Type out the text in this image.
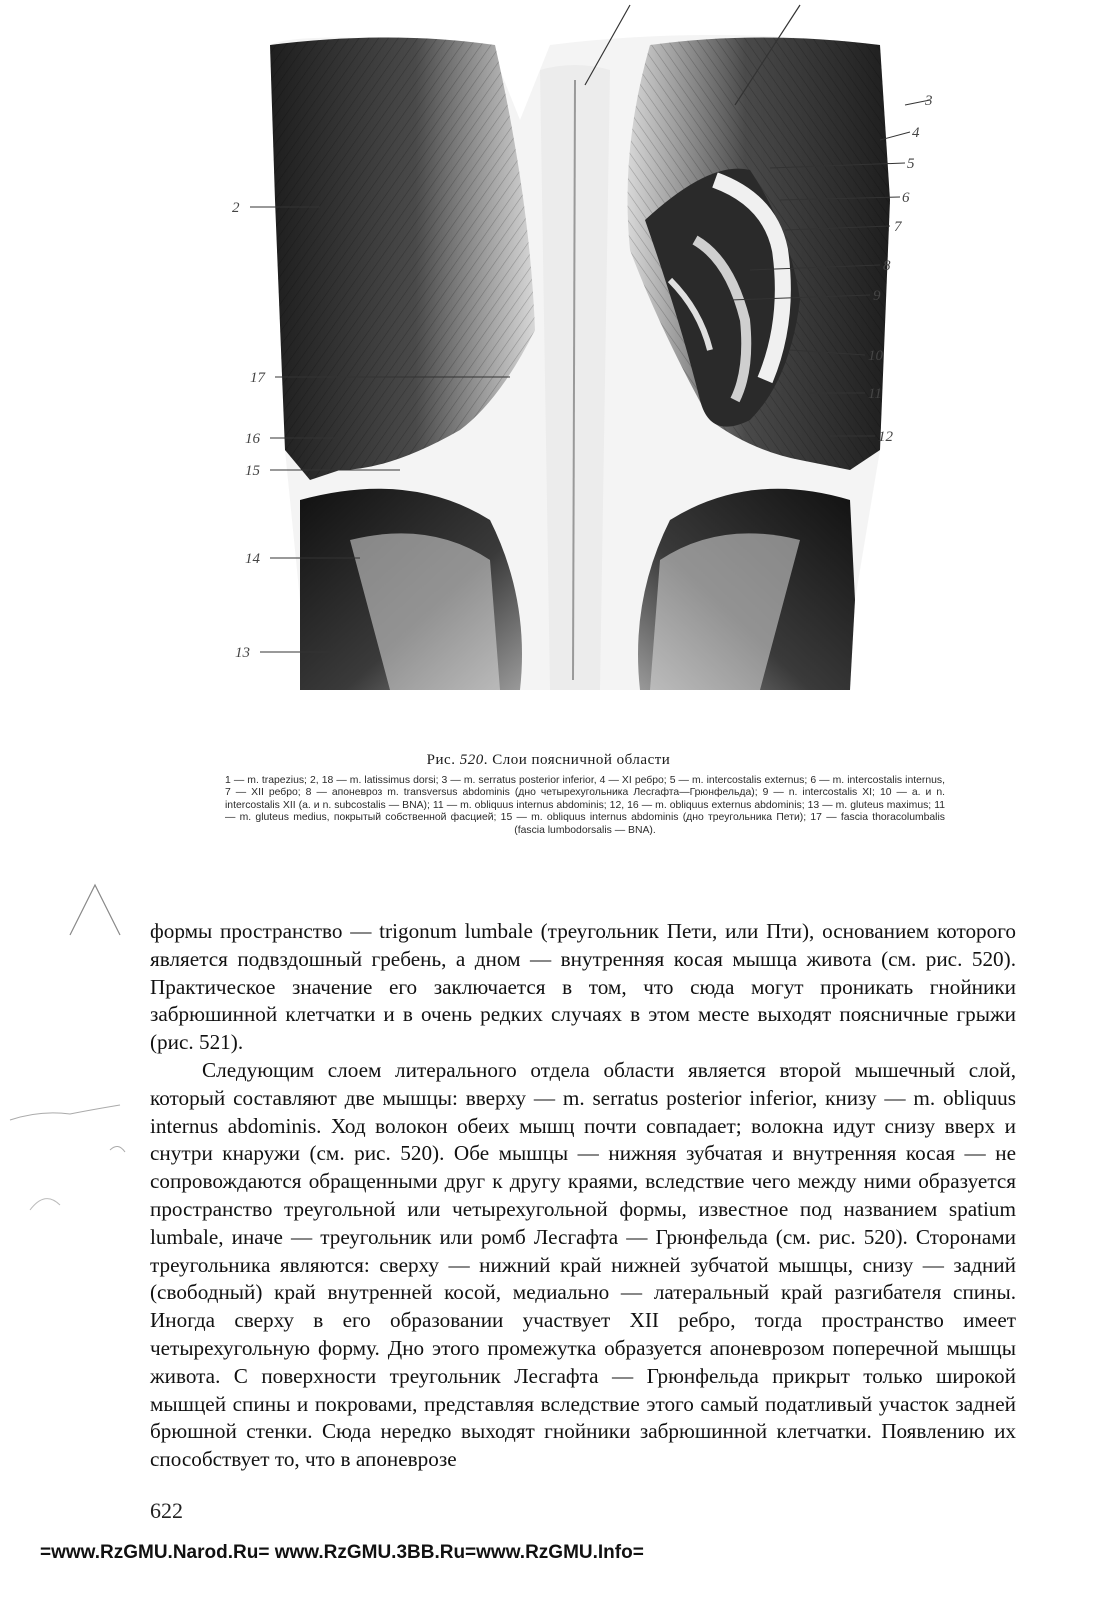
2
17
16
15
14
13
3
4
5
6
7
8
9
10
11
12
Рис. 520. Слои поясничной области
1 — m. trapezius; 2, 18 — m. latissimus dorsi; 3 — m. serratus posterior inferior, 4 — XI ребро; 5 — m. intercostalis externus; 6 — m. intercostalis internus, 7 — XII ребро; 8 — апоневроз m. transversus abdominis (дно четырехугольника Лесгафта—Грюнфельда); 9 — n. intercostalis XI; 10 — a. и n. intercostalis XII (a. и n. subcostalis — BNA); 11 — m. obliquus internus abdominis; 12, 16 — m. obliquus externus abdominis; 13 — m. gluteus maximus; 11 — m. gluteus medius, покрытый собственной фасцией; 15 — m. obliquus internus abdominis (дно треугольника Пети); 17 — fascia thoracolumbalis (fascia lumbodorsalis — BNA).

формы пространство — trigonum lumbale (треугольник Пети, или Пти), основанием которого является подвздошный гребень, а дном — внутренняя косая мышца живота (см. рис. 520). Практическое значение его заключается в том, что сюда могут проникать гнойники забрюшинной клетчатки и в очень редких случаях в этом месте выходят поясничные грыжи (рис. 521).

Следующим слоем литерального отдела области является второй мышечный слой, который составляют две мышцы: вверху — m. serratus posterior inferior, книзу — m. obliquus internus abdominis. Ход волокон обеих мышц почти совпадает; волокна идут снизу вверх и снутри кнаружи (см. рис. 520). Обе мышцы — нижняя зубчатая и внутренняя косая — не сопровождаются обращенными друг к другу краями, вследствие чего между ними образуется пространство треугольной или четырехугольной формы, известное под названием spatium lumbale, иначе — треугольник или ромб Лесгафта — Грюнфельда (см. рис. 520). Сторонами треугольника являются: сверху — нижний край нижней зубчатой мышцы, снизу — задний (свободный) край внутренней косой, медиально — латеральный край разгибателя спины. Иногда сверху в его образовании участвует XII ребро, тогда пространство имеет четырехугольную форму. Дно этого промежутка образуется апоневрозом поперечной мышцы живота. С поверхности треугольник Лесгафта — Грюнфельда прикрыт только широкой мышцей спины и покровами, представляя вследствие этого самый податливый участок задней брюшной стенки. Сюда нередко выходят гнойники забрюшинной клетчатки. Появлению их способствует то, что в апоневрозе

622
=www.RzGMU.Narod.Ru= www.RzGMU.3BB.Ru=www.RzGMU.Info=
